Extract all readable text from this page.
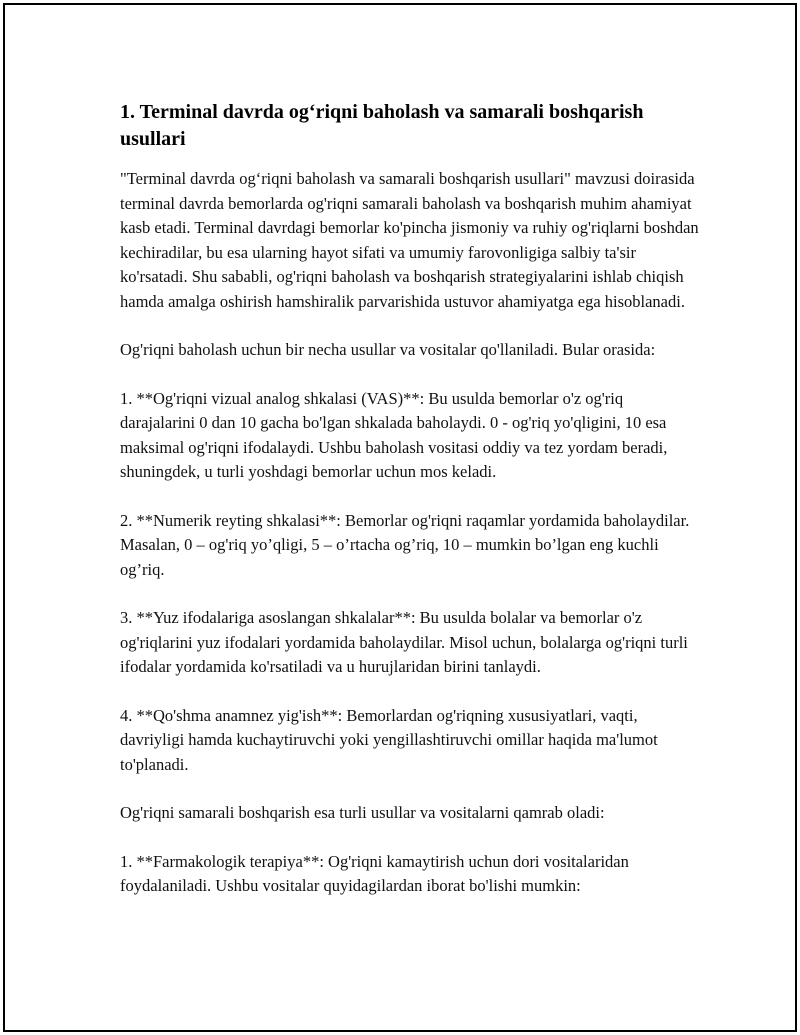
1. Terminal davrda og‘riqni baholash va samarali boshqarish usullari

"Terminal davrda og‘riqni baholash va samarali boshqarish usullari" mavzusi doirasida terminal davrda bemorlarda og'riqni samarali baholash va boshqarish muhim ahamiyat kasb etadi. Terminal davrdagi bemorlar ko'pincha jismoniy va ruhiy og'riqlarni boshdan kechiradilar, bu esa ularning hayot sifati va umumiy farovonligiga salbiy ta'sir ko'rsatadi. Shu sababli, og'riqni baholash va boshqarish strategiyalarini ishlab chiqish hamda amalga oshirish hamshiralik parvarishida ustuvor ahamiyatga ega hisoblanadi.

Og'riqni baholash uchun bir necha usullar va vositalar qo'llaniladi. Bular orasida:

1. **Og'riqni vizual analog shkalasi (VAS)**: Bu usulda bemorlar o'z og'riq darajalarini 0 dan 10 gacha bo'lgan shkalada baholaydi. 0 - og'riq yo'qligini, 10 esa maksimal og'riqni ifodalaydi. Ushbu baholash vositasi oddiy va tez yordam beradi, shuningdek, u turli yoshdagi bemorlar uchun mos keladi.

2. **Numerik reyting shkalasi**: Bemorlar og'riqni raqamlar yordamida baholaydilar. Masalan, 0 – og'riq yo’qligi, 5 – o’rtacha og’riq, 10 – mumkin bo’lgan eng kuchli og’riq.

3. **Yuz ifodalariga asoslangan shkalalar**: Bu usulda bolalar va bemorlar o'z og'riqlarini yuz ifodalari yordamida baholaydilar. Misol uchun, bolalarga og'riqni turli ifodalar yordamida ko'rsatiladi va u hurujlaridan birini tanlaydi.

4. **Qo'shma anamnez yig'ish**: Bemorlardan og'riqning xususiyatlari, vaqti, davriyligi hamda kuchaytiruvchi yoki yengillashtiruvchi omillar haqida ma'lumot to'planadi.

Og'riqni samarali boshqarish esa turli usullar va vositalarni qamrab oladi:

1. **Farmakologik terapiya**: Og'riqni kamaytirish uchun dori vositalaridan foydalaniladi. Ushbu vositalar quyidagilardan iborat bo'lishi mumkin:
